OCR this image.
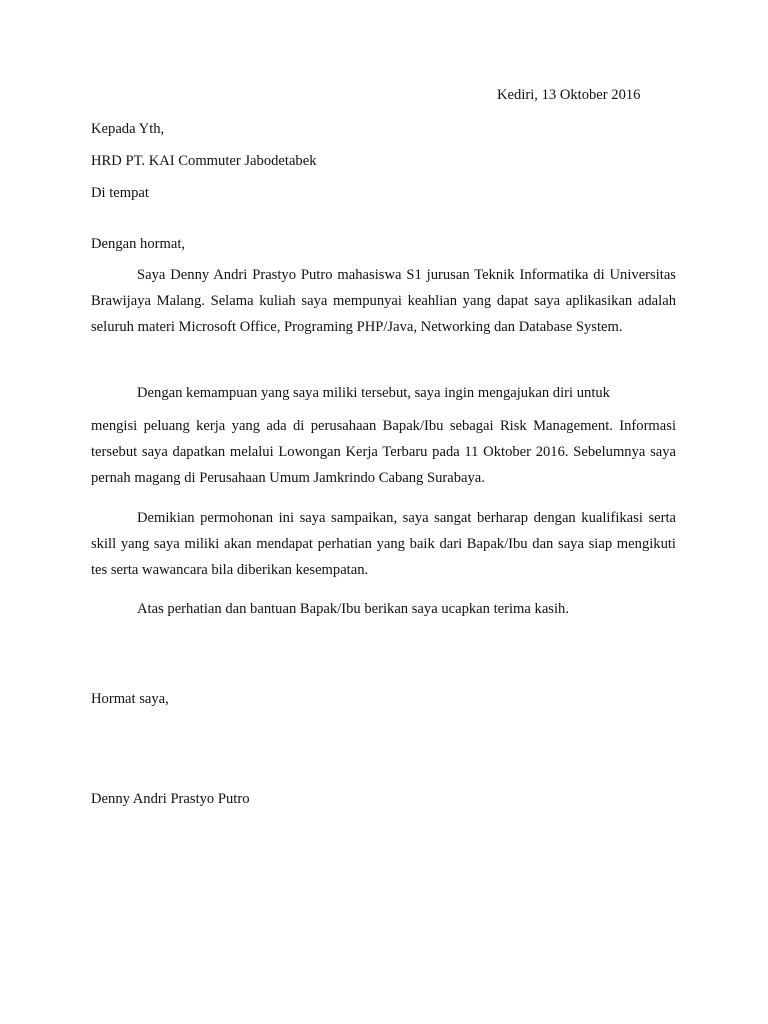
Kediri, 13 Oktober 2016
Kepada Yth,
HRD PT. KAI Commuter Jabodetabek
Di tempat
Dengan hormat,

Saya Denny Andri Prastyo Putro mahasiswa S1 jurusan Teknik Informatika di Universitas Brawijaya Malang. Selama kuliah saya mempunyai keahlian yang dapat saya aplikasikan adalah seluruh materi Microsoft Office, Programing PHP/Java, Networking dan Database System.

Dengan kemampuan yang saya miliki tersebut, saya ingin mengajukan diri untuk

mengisi peluang kerja yang ada di perusahaan Bapak/Ibu sebagai Risk Management. Informasi tersebut saya dapatkan melalui Lowongan Kerja Terbaru pada 11 Oktober 2016. Sebelumnya saya pernah magang di Perusahaan Umum Jamkrindo Cabang Surabaya.

Demikian permohonan ini saya sampaikan, saya sangat berharap dengan kualifikasi serta skill yang saya miliki akan mendapat perhatian yang baik dari Bapak/Ibu dan saya siap mengikuti tes serta wawancara bila diberikan kesempatan.

Atas perhatian dan bantuan Bapak/Ibu berikan saya ucapkan terima kasih.

Hormat saya,
Denny Andri Prastyo Putro
